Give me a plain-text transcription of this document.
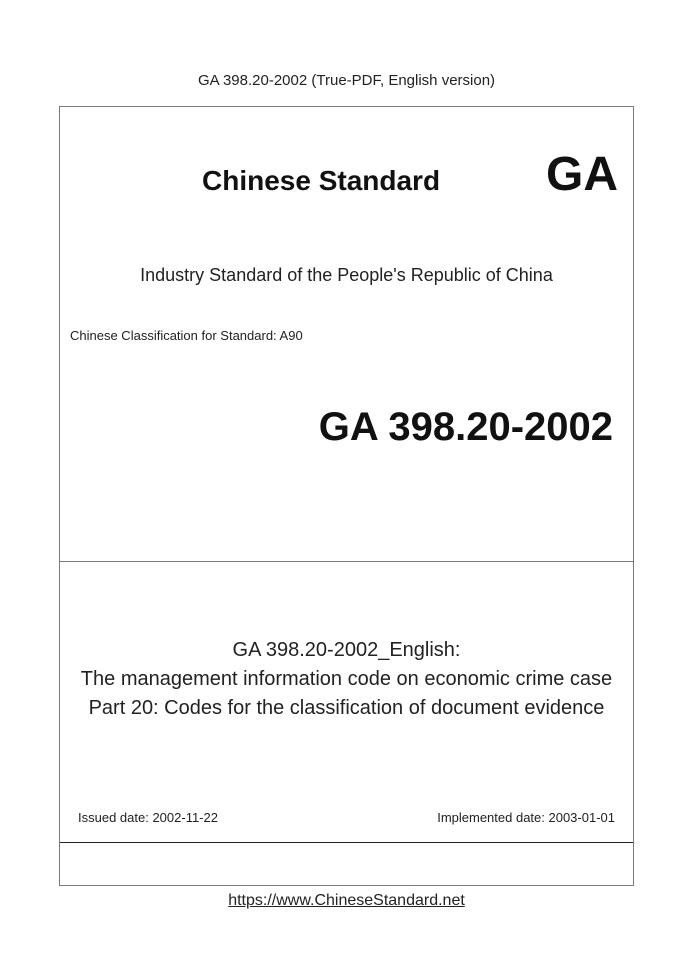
GA 398.20-2002 (True-PDF, English version)
Chinese Standard GA
Industry Standard of the People's Republic of China
Chinese Classification for Standard: A90
GA 398.20-2002
GA 398.20-2002_English:
The management information code on economic crime case
Part 20: Codes for the classification of document evidence
Issued date: 2002-11-22	Implemented date: 2003-01-01
https://www.ChineseStandard.net
